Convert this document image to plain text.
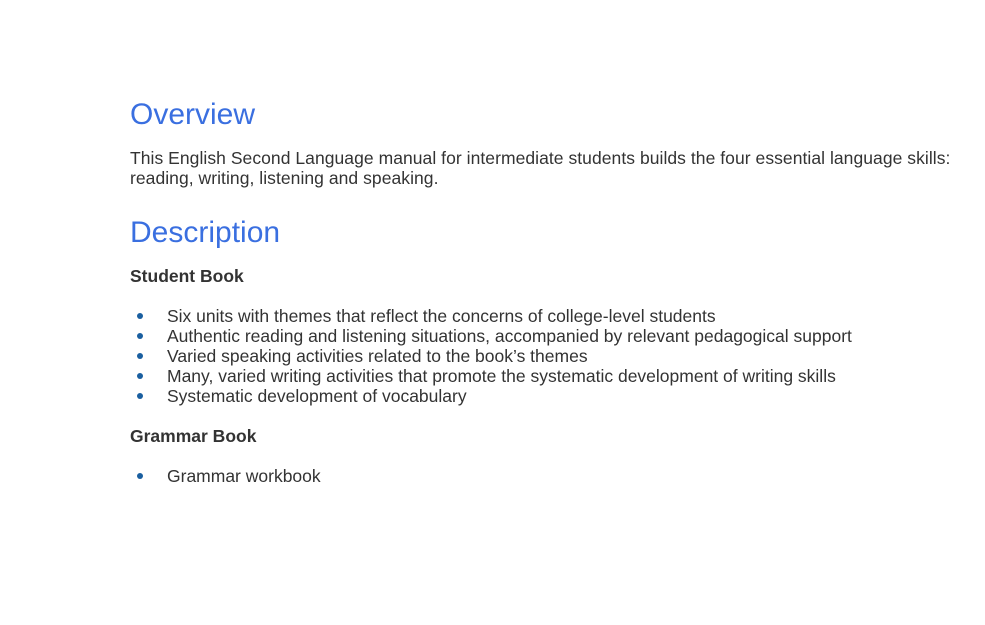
Overview

This English Second Language manual for intermediate students builds the four essential language skills: reading, writing, listening and speaking.

Description
Student Book
Six units with themes that reflect the concerns of college-level students
Authentic reading and listening situations, accompanied by relevant pedagogical support
Varied speaking activities related to the book’s themes
Many, varied writing activities that promote the systematic development of writing skills
Systematic development of vocabulary
Grammar Book
Grammar workbook
